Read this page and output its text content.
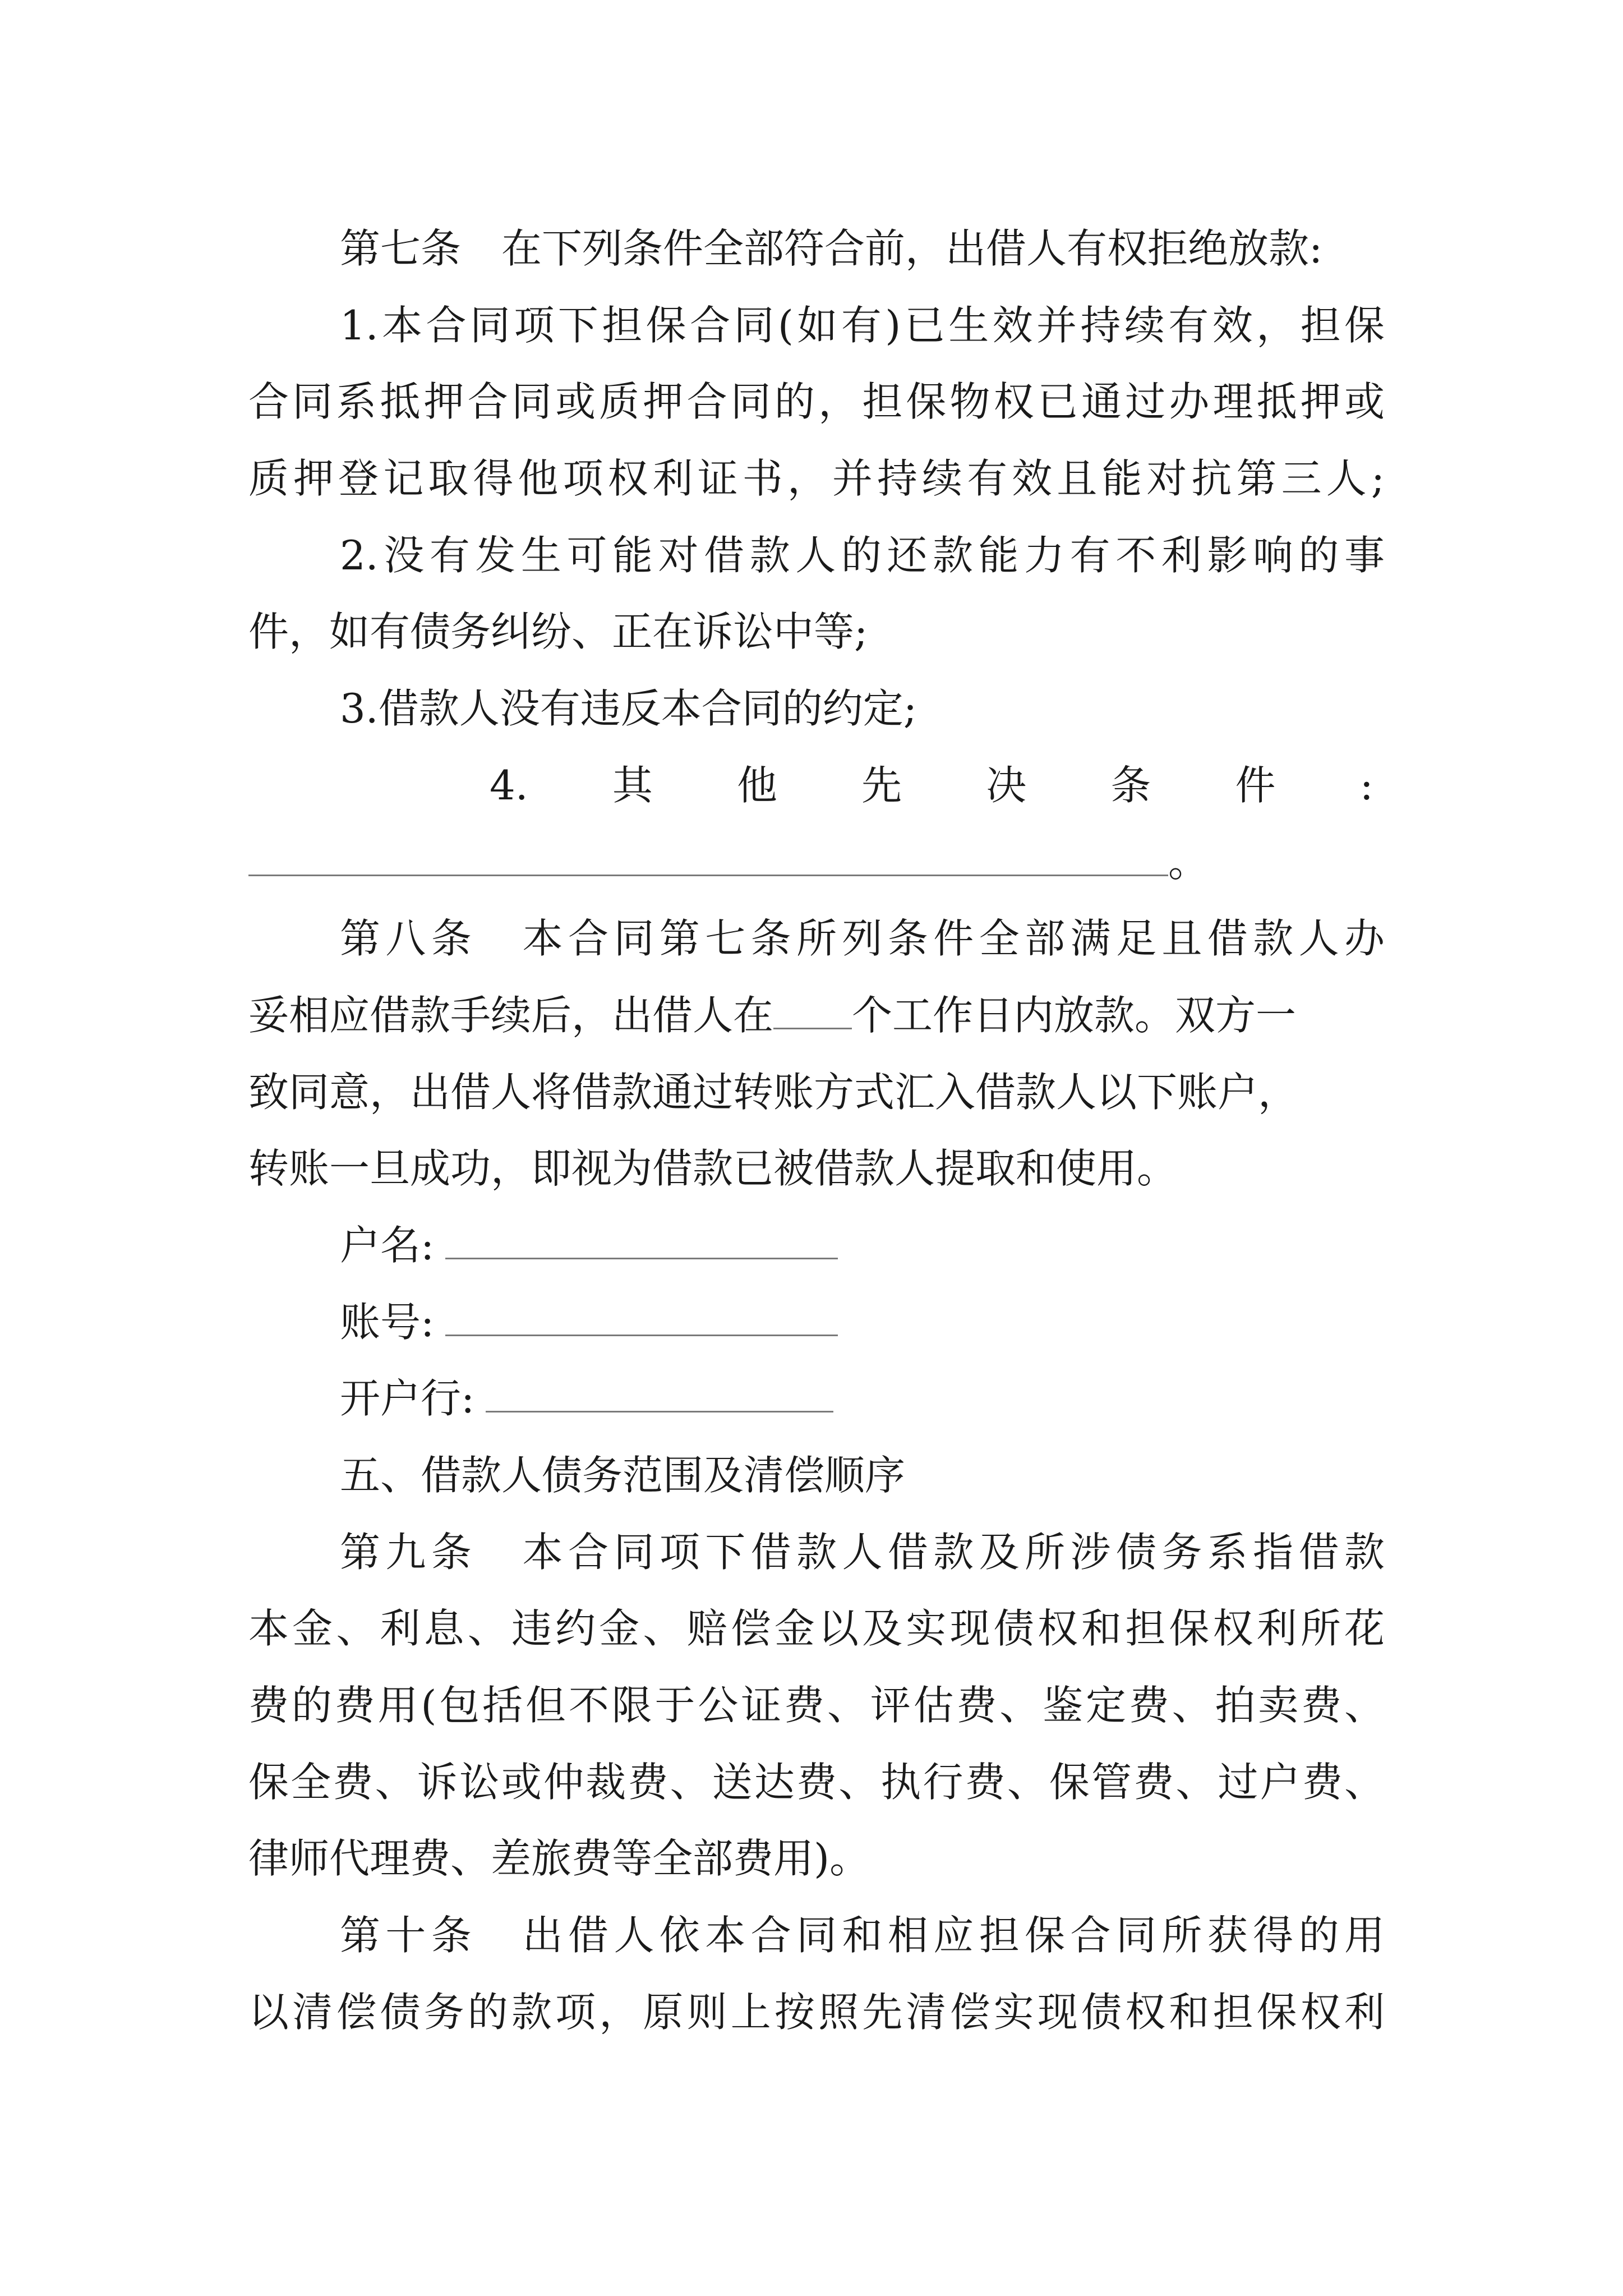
第七条 在下列条件全部符合前，出借人有权拒绝放款:
1.本合同项下担保合同(如有)已生效并持续有效，担保
合同系抵押合同或质押合同的，担保物权已通过办理抵押或
质押登记取得他项权利证书，并持续有效且能对抗第三人;
2.没有发生可能对借款人的还款能力有不利影响的事
件，如有债务纠纷、正在诉讼中等;
3.借款人没有违反本合同的约定;
4. 其 他 先 决 条 件 :
。
第八条 本合同第七条所列条件全部满足且借款人办
妥相应借款手续后，出借人在 个工作日内放款。双方一
致同意，出借人将借款通过转账方式汇入借款人以下账户，
转账一旦成功，即视为借款已被借款人提取和使用。
户名:
账号:
开户行:
五、借款人债务范围及清偿顺序
第九条 本合同项下借款人借款及所涉债务系指借款
本金、利息、违约金、赔偿金以及实现债权和担保权利所花
费的费用(包括但不限于公证费、评估费、鉴定费、拍卖费、
保全费、诉讼或仲裁费、送达费、执行费、保管费、过户费、
律师代理费、差旅费等全部费用)。
第十条 出借人依本合同和相应担保合同所获得的用
以清偿债务的款项，原则上按照先清偿实现债权和担保权利
